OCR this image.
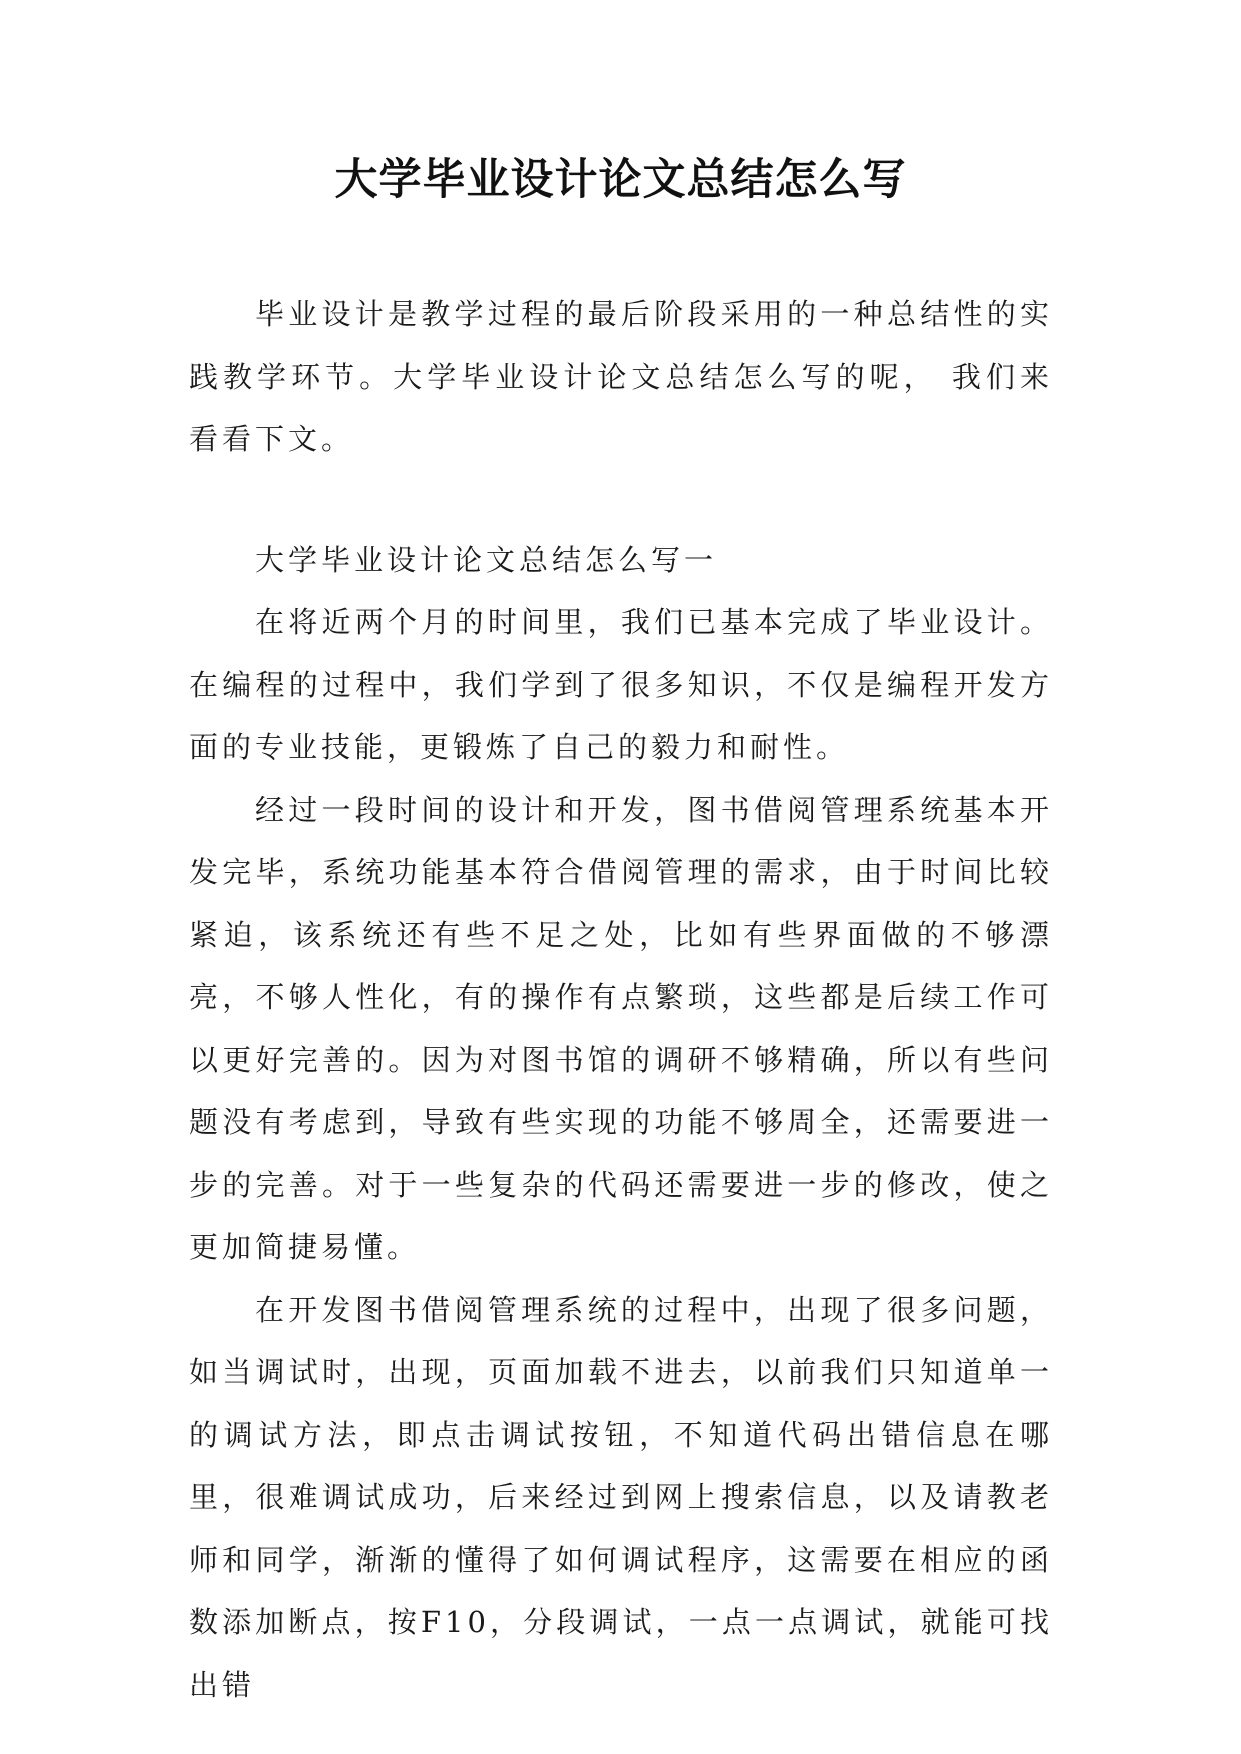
大学毕业设计论文总结怎么写

毕业设计是教学过程的最后阶段采用的一种总结性的实践教学环节。大学毕业设计论文总结怎么写的呢， 我们来看看下文。

大学毕业设计论文总结怎么写一

在将近两个月的时间里，我们已基本完成了毕业设计。在编程的过程中，我们学到了很多知识，不仅是编程开发方面的专业技能，更锻炼了自己的毅力和耐性。

经过一段时间的设计和开发，图书借阅管理系统基本开发完毕，系统功能基本符合借阅管理的需求，由于时间比较紧迫，该系统还有些不足之处，比如有些界面做的不够漂亮，不够人性化，有的操作有点繁琐，这些都是后续工作可以更好完善的。因为对图书馆的调研不够精确，所以有些问题没有考虑到，导致有些实现的功能不够周全，还需要进一步的完善。对于一些复杂的代码还需要进一步的修改，使之更加简捷易懂。

在开发图书借阅管理系统的过程中，出现了很多问题，如当调试时，出现，页面加载不进去，以前我们只知道单一的调试方法，即点击调试按钮，不知道代码出错信息在哪里，很难调试成功，后来经过到网上搜索信息，以及请教老师和同学，渐渐的懂得了如何调试程序，这需要在相应的函数添加断点，按F10，分段调试，一点一点调试，就能可找出错
